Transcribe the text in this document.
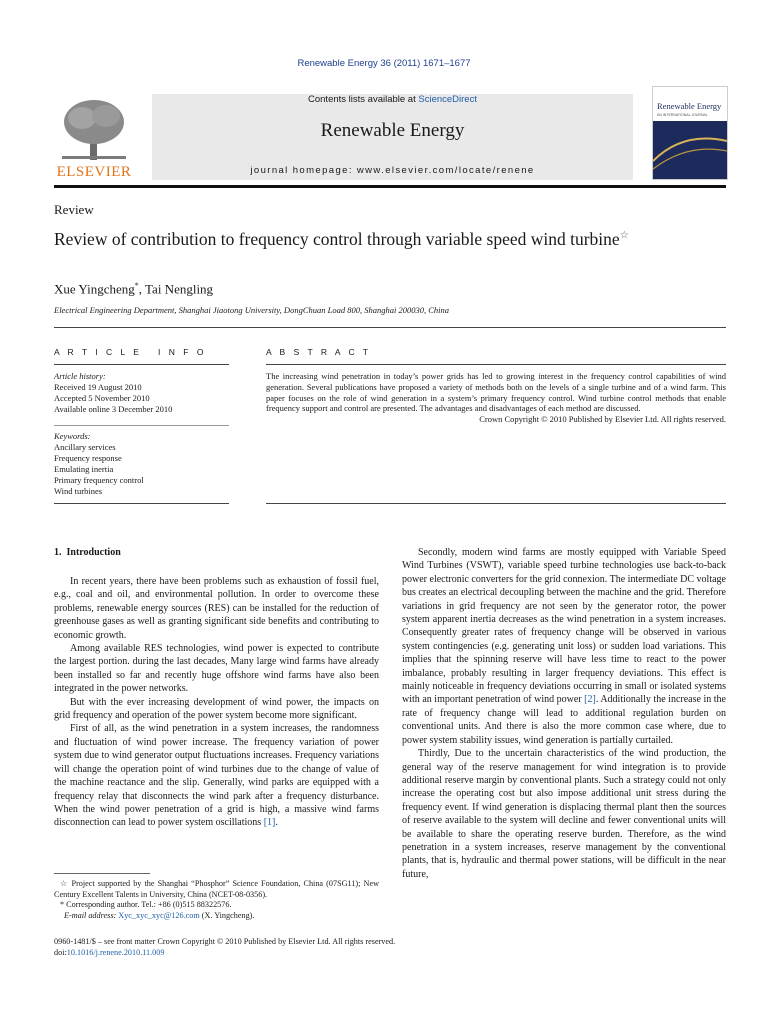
Renewable Energy 36 (2011) 1671–1677
ELSEVIER
Contents lists available at ScienceDirect
Renewable Energy
journal homepage: www.elsevier.com/locate/renene
Renewable Energy
AN INTERNATIONAL JOURNAL
Review
Review of contribution to frequency control through variable speed wind turbine☆
Xue Yingcheng*, Tai Nengling
Electrical Engineering Department, Shanghai Jiaotong University, DongChuan Load 800, Shanghai 200030, China
A R T I C L E   I N F O
Article history:
Received 19 August 2010
Accepted 5 November 2010
Available online 3 December 2010
Keywords:
Ancillary services
Frequency response
Emulating inertia
Primary frequency control
Wind turbines
A B S T R A C T
The increasing wind penetration in today’s power grids has led to growing interest in the frequency control capabilities of wind generation. Several publications have proposed a variety of methods both on the levels of a single turbine and of a wind farm. This paper focuses on the role of wind generation in a system’s primary frequency control. Wind turbine control methods that enable frequency support and control are presented. The advantages and disadvantages of each method are discussed.
Crown Copyright © 2010 Published by Elsevier Ltd. All rights reserved.
1.  Introduction

In recent years, there have been problems such as exhaustion of fossil fuel, e.g., coal and oil, and environmental pollution. In order to overcome these problems, renewable energy sources (RES) can be installed for the reduction of greenhouse gases as well as granting significant side benefits and contributing to economic growth.

Among available RES technologies, wind power is expected to contribute the largest portion. during the last decades, Many large wind farms have already been installed so far and recently huge offshore wind farms have also been integrated in the power networks.

But with the ever increasing development of wind power, the impacts on grid frequency and operation of the power system become more significant.

First of all, as the wind penetration in a system increases, the randomness and fluctuation of wind power increase. The frequency variation of power system due to wind generator output fluctuations increases. Frequency variations will change the operation point of wind turbines due to the change of value of the machine reactance and the slip. Generally, wind parks are equipped with a frequency relay that disconnects the wind park after a frequency disturbance. When the wind power penetration of a grid is high, a massive wind farms disconnection can lead to power system oscillations [1].

Secondly, modern wind farms are mostly equipped with Variable Speed Wind Turbines (VSWT), variable speed turbine technologies use back-to-back power electronic converters for the grid connexion. The intermediate DC voltage bus creates an electrical decoupling between the machine and the grid. Therefore variations in grid frequency are not seen by the generator rotor, the power system apparent inertia decreases as the wind penetration in a system increases. Consequently greater rates of frequency change will be observed in various system contingencies (e.g. generating unit loss) or sudden load variations. This implies that the spinning reserve will have less time to react to the power imbalance, probably resulting in larger frequency deviations. This effect is mainly noticeable in frequency deviations occurring in small or isolated systems with an important penetration of wind power [2]. Additionally the increase in the rate of frequency change will lead to additional regulation burden on conventional units. And there is also the more common case where, due to power system stability issues, wind generation is partially curtailed.

Thirdly, Due to the uncertain characteristics of the wind production, the general way of the reserve management for wind integration is to provide additional reserve margin by conventional plants. Such a strategy could not only increase the operating cost but also impose additional unit stress during the frequency event. If wind generation is displacing thermal plant then the sources of reserve available to the system will decline and fewer conventional units will be available to share the operating reserve burden. Therefore, as the wind penetration in a system increases, reserve management by the conventional plants, that is, hydraulic and thermal power stations, will be difficult in the near future,

☆ Project supported by the Shanghai “Phosphor” Science Foundation, China (07SG11); New Century Excellent Talents in University, China (NCET-08-0356).
* Corresponding author. Tel.: +86 (0)515 88322576.
E-mail address: Xyc_xyc_xyc@126.com (X. Yingcheng).
0960-1481/$ – see front matter Crown Copyright © 2010 Published by Elsevier Ltd. All rights reserved.
doi:10.1016/j.renene.2010.11.009
